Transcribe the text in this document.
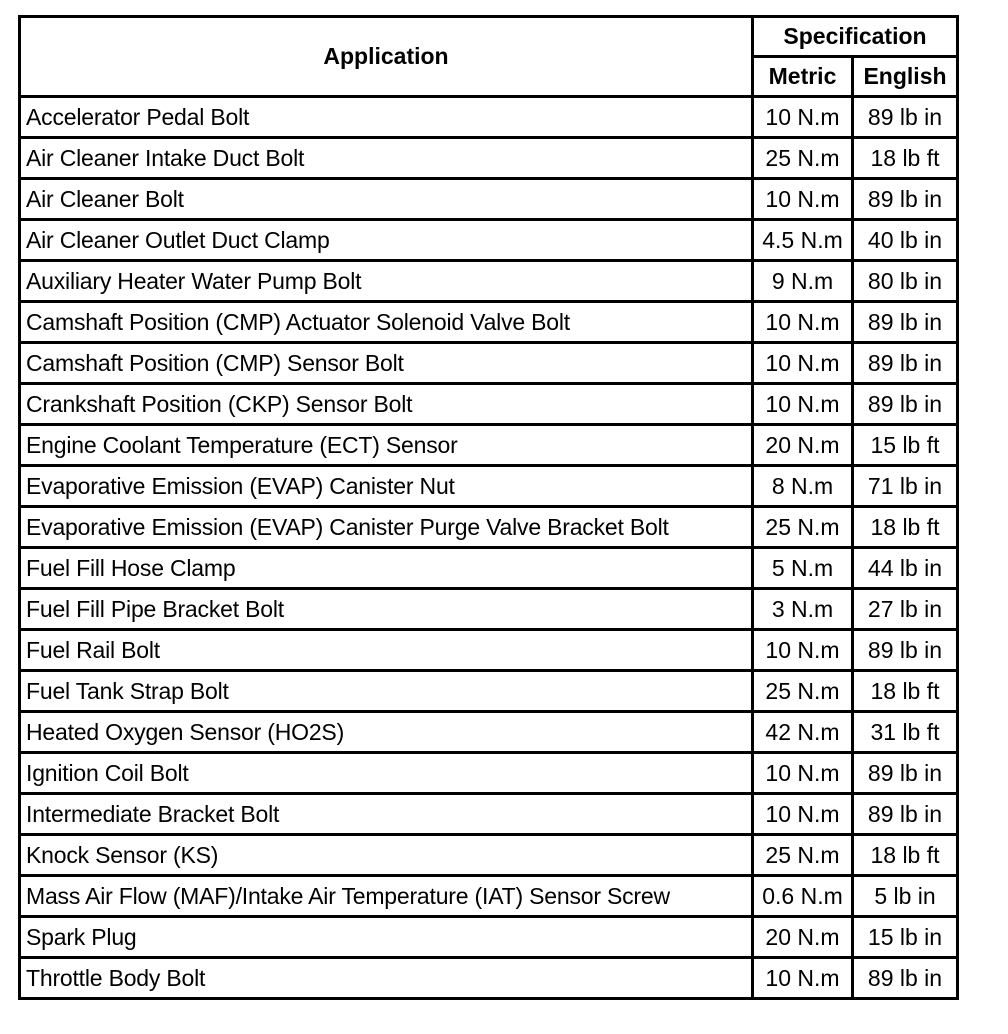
Application	Specification	
	Metric	English
Accelerator Pedal Bolt	10 N.m	89 lb in
Air Cleaner Intake Duct Bolt	25 N.m	18 lb ft
Air Cleaner Bolt	10 N.m	89 lb in
Air Cleaner Outlet Duct Clamp	4.5 N.m	40 lb in
Auxiliary Heater Water Pump Bolt	9 N.m	80 lb in
Camshaft Position (CMP) Actuator Solenoid Valve Bolt	10 N.m	89 lb in
Camshaft Position (CMP) Sensor Bolt	10 N.m	89 lb in
Crankshaft Position (CKP) Sensor Bolt	10 N.m	89 lb in
Engine Coolant Temperature (ECT) Sensor	20 N.m	15 lb ft
Evaporative Emission (EVAP) Canister Nut	8 N.m	71 lb in
Evaporative Emission (EVAP) Canister Purge Valve Bracket Bolt	25 N.m	18 lb ft
Fuel Fill Hose Clamp	5 N.m	44 lb in
Fuel Fill Pipe Bracket Bolt	3 N.m	27 lb in
Fuel Rail Bolt	10 N.m	89 lb in
Fuel Tank Strap Bolt	25 N.m	18 lb ft
Heated Oxygen Sensor (HO2S)	42 N.m	31 lb ft
Ignition Coil Bolt	10 N.m	89 lb in
Intermediate Bracket Bolt	10 N.m	89 lb in
Knock Sensor (KS)	25 N.m	18 lb ft
Mass Air Flow (MAF)/Intake Air Temperature (IAT) Sensor Screw	0.6 N.m	5 lb in
Spark Plug	20 N.m	15 lb in
Throttle Body Bolt	10 N.m	89 lb in
